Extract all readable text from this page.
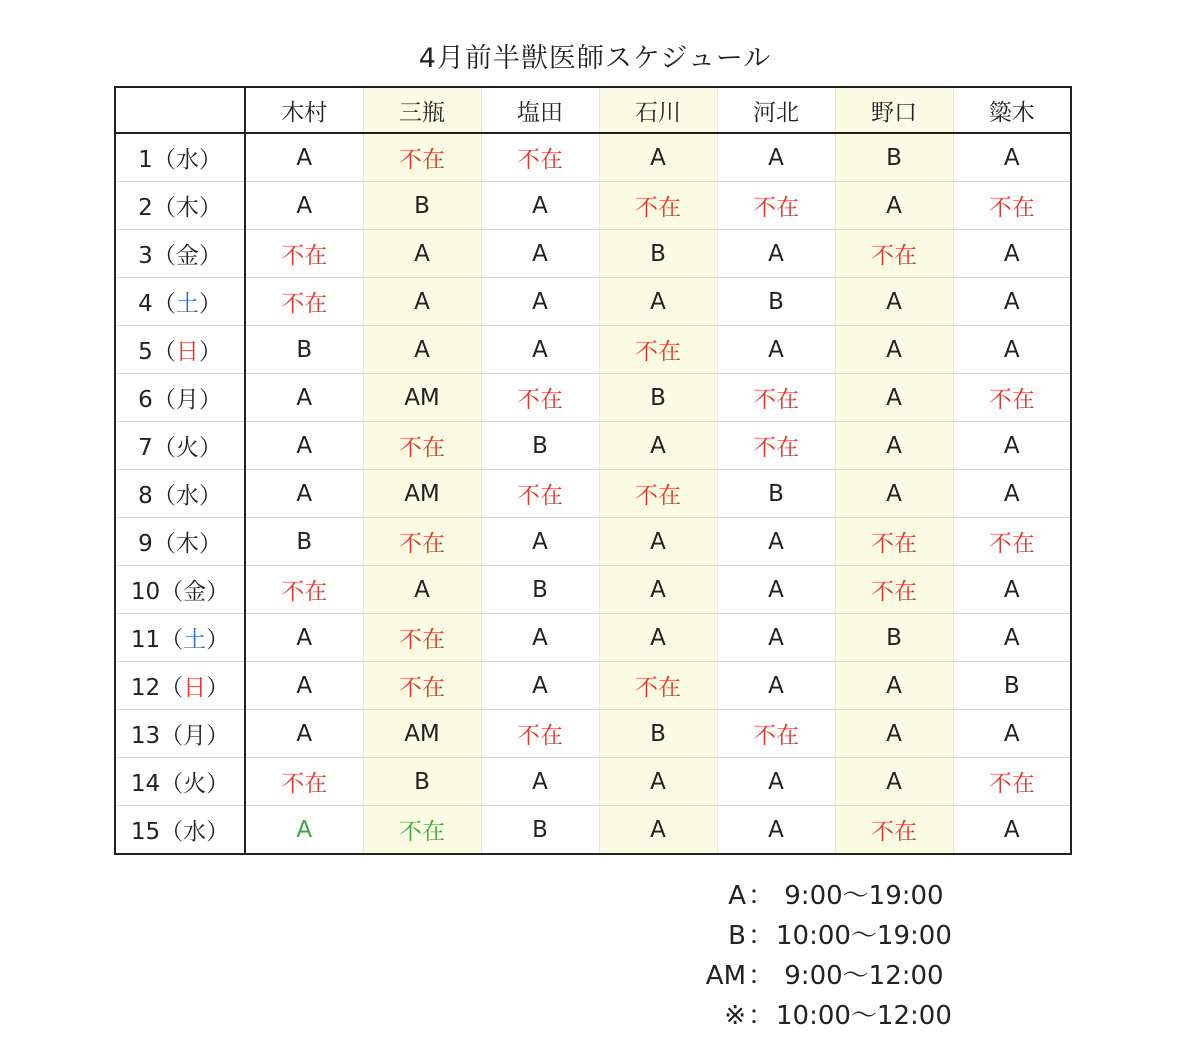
4月前半獣医師スケジュール
	木村	三瓶	塩田	石川	河北	野口	簗木
1（水）	A	不在	不在	A	A	B	A
2（木）	A	B	A	不在	不在	A	不在
3（金）	不在	A	A	B	A	不在	A
4（土）	不在	A	A	A	B	A	A
5（日）	B	A	A	不在	A	A	A
6（月）	A	AM	不在	B	不在	A	不在
7（火）	A	不在	B	A	不在	A	A
8（水）	A	AM	不在	不在	B	A	A
9（木）	B	不在	A	A	A	不在	不在
10（金）	不在	A	B	A	A	不在	A
11（土）	A	不在	A	A	A	B	A
12（日）	A	不在	A	不在	A	A	B
13（月）	A	AM	不在	B	不在	A	A
14（火）	不在	B	A	A	A	A	不在
15（水）	A	不在	B	A	A	不在	A
A： 9:00〜19:00
B：10:00〜19:00
AM： 9:00〜12:00
※：10:00〜12:00
